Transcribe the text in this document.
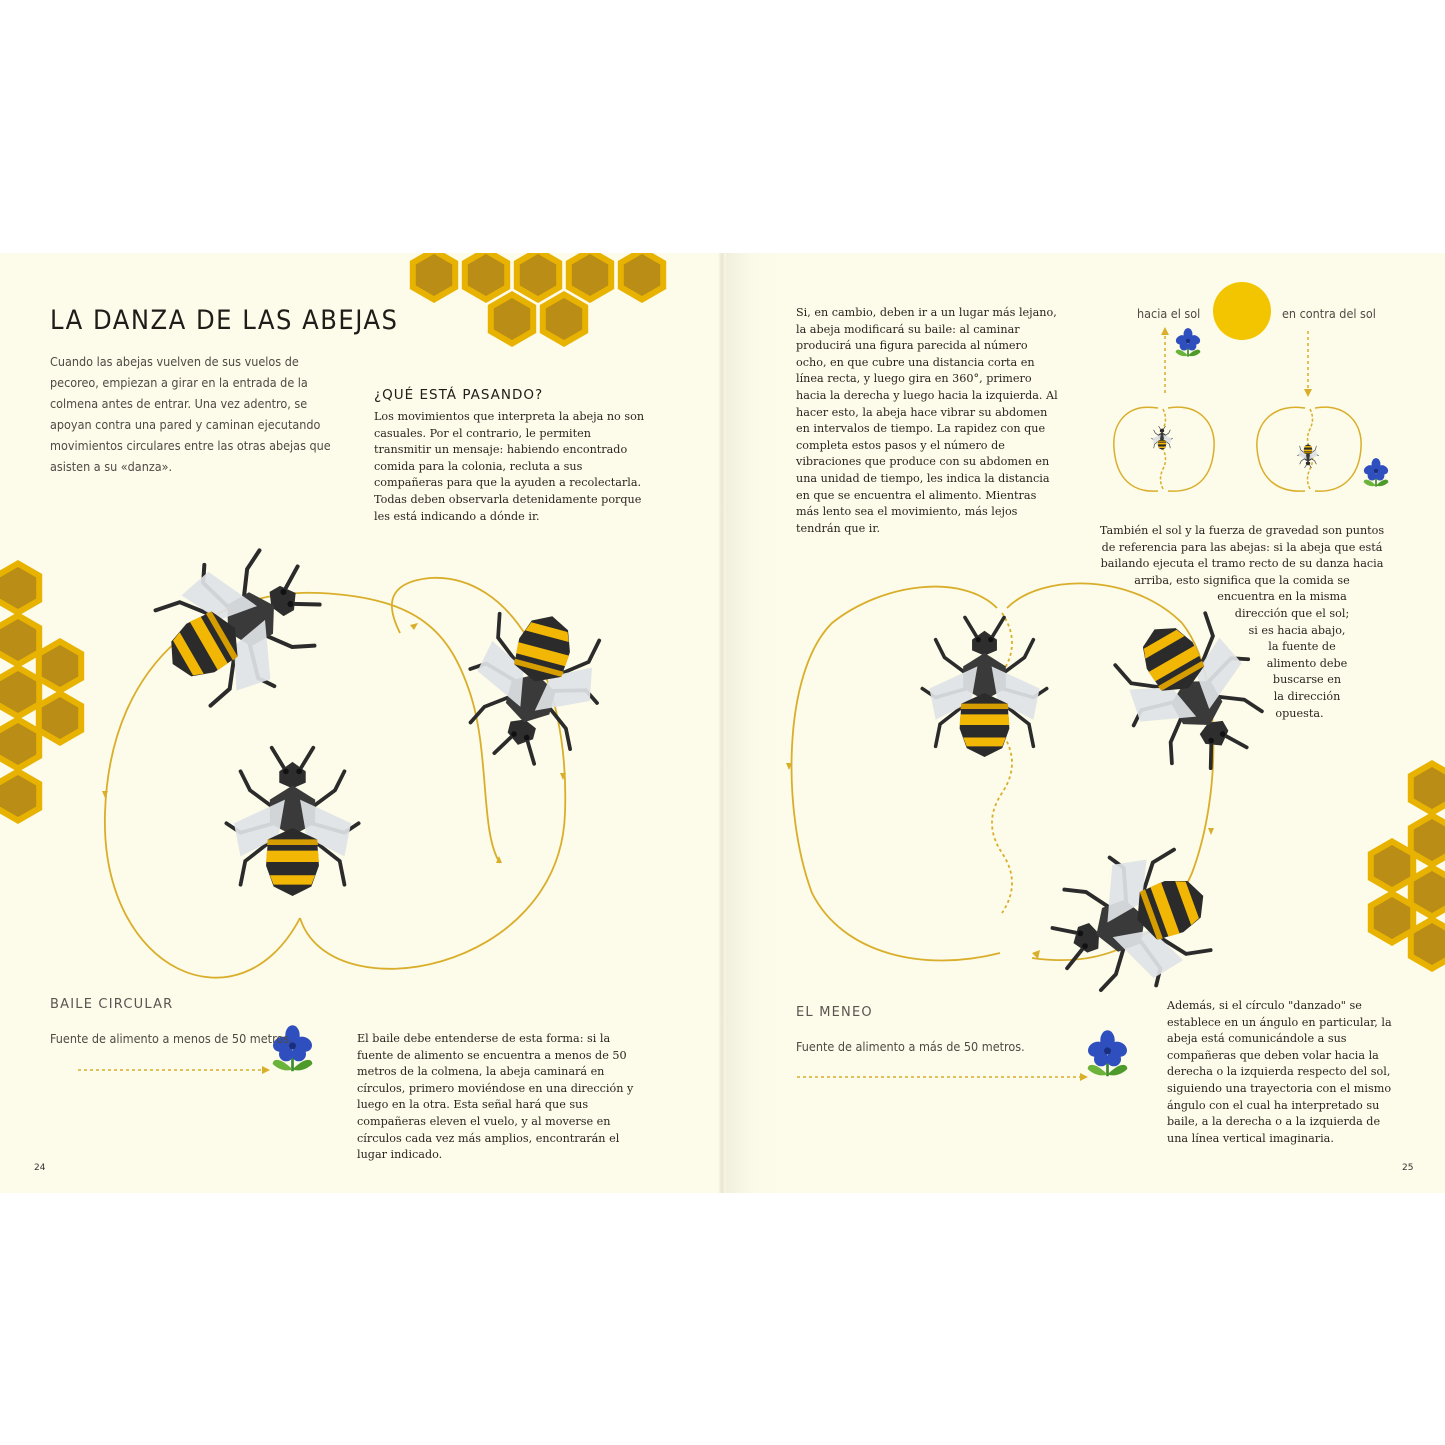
LA DANZA DE LAS ABEJAS
Cuando las abejas vuelven de sus vuelos de pecoreo, empiezan a girar en la entrada de la colmena antes de entrar. Una vez adentro, se apoyan contra una pared y caminan ejecutando movimientos circulares entre las otras abejas que asisten a su «danza».
¿QUÉ ESTÁ PASANDO?
Los movimientos que interpreta la abeja no son casuales. Por el contrario, le permiten transmitir un mensaje: habiendo encontrado comida para la colonia, recluta a sus compañeras para que la ayuden a recolectarla. Todas deben observarla detenidamente porque les está indicando a dónde ir.
BAILE CIRCULAR
Fuente de alimento a menos de 50 metros.	El baile debe entenderse de esta forma: si la fuente de alimento se encuentra a menos de 50 metros de la colmena, la abeja caminará en círculos, primero moviéndose en una dirección y luego en la otra. Esta señal hará que sus compañeras eleven el vuelo, y al moverse en círculos cada vez más amplios, encontrarán el lugar indicado.
24
Si, en cambio, deben ir a un lugar más lejano, la abeja modificará su baile: al caminar producirá una figura parecida al número ocho, en que cubre una distancia corta en línea recta, y luego gira en 360°, primero hacia la derecha y luego hacia la izquierda. Al hacer esto, la abeja hace vibrar su abdomen en intervalos de tiempo. La rapidez con que completa estos pasos y el número de vibraciones que produce con su abdomen en una unidad de tiempo, les indica la distancia en que se encuentra el alimento. Mientras más lento sea el movimiento, más lejos tendrán que ir.
hacia el sol	en contra del sol
También el sol y la fuerza de gravedad son puntos
de referencia para las abejas: si la abeja que está
bailando ejecuta el tramo recto de su danza hacia
arriba, esto significa que la comida se
encuentra en la misma
dirección que el sol;
si es hacia abajo,
la fuente de
alimento debe
buscarse en
la dirección
opuesta.
EL MENEO
Fuente de alimento a más de 50 metros.
Además, si el círculo "danzado" se establece en un ángulo en particular, la abeja está comunicándole a sus compañeras que deben volar hacia la derecha o la izquierda respecto del sol, siguiendo una trayectoria con el mismo ángulo con el cual ha interpretado su baile, a la derecha o a la izquierda de una línea vertical imaginaria.
25
